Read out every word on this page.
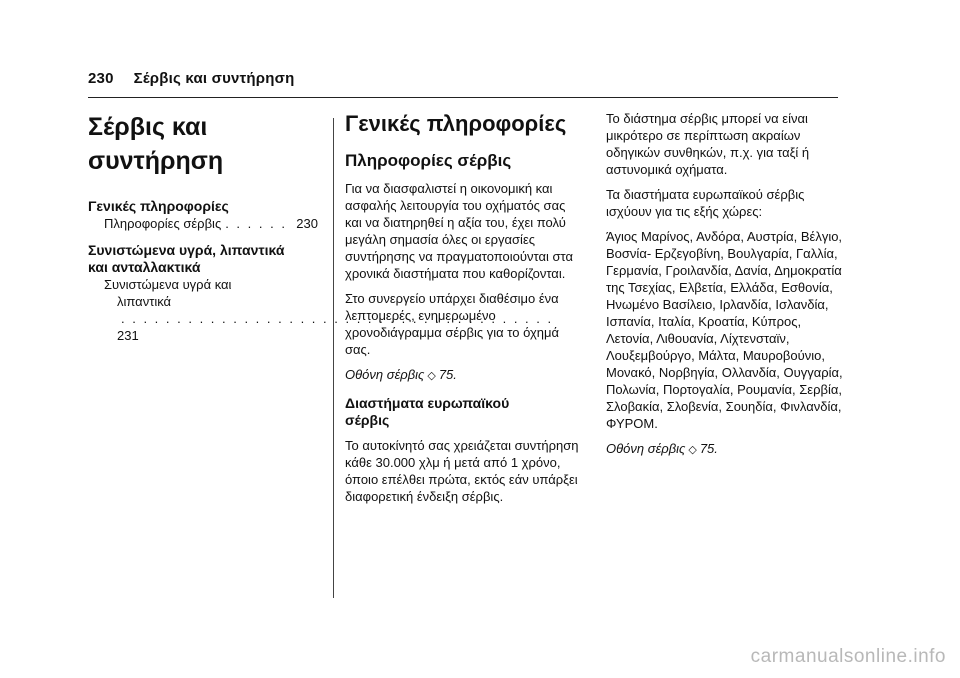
230 Σέρβις και συντήρηση
Σέρβις και
συντήρηση
Γενικές πληροφορίες
Πληροφορίες σέρβις
. . .	230
Συνιστώμενα υγρά, λιπαντικά
και ανταλλακτικά
Συνιστώμενα υγρά και
λιπαντικά . . . 231
Γενικές πληροφορίες
Πληροφορίες σέρβις

Για να διασφαλιστεί η οικονομική και ασφαλής λειτουργία του οχήματός σας και να διατηρηθεί η αξία του, έχει πολύ μεγάλη σημασία όλες οι εργασίες συντήρησης να πραγματοποιούνται στα χρονικά διαστήματα που καθορίζονται.

Στο συνεργείο υπάρχει διαθέσιμο ένα λεπτομερές, ενημερωμένο χρονοδιάγραμμα σέρβις για το όχημά σας.

Οθόνη σέρβις ◇ 75.

Διαστήματα ευρωπαϊκού
σέρβις

Το αυτοκίνητό σας χρειάζεται συντήρηση κάθε 30.000 χλμ ή μετά από 1 χρόνο, όποιο επέλθει πρώτα, εκτός εάν υπάρξει διαφορετική ένδειξη σέρβις.

Το διάστημα σέρβις μπορεί να είναι μικρότερο σε περίπτωση ακραίων οδηγικών συνθηκών, π.χ. για ταξί ή αστυνομικά οχήματα.

Τα διαστήματα ευρωπαϊκού σέρβις ισχύουν για τις εξής χώρες:

Άγιος Μαρίνος, Ανδόρα, Αυστρία, Βέλγιο, Βοσνία- Ερζεγοβίνη, Βουλγαρία, Γαλλία, Γερμανία, Γροιλανδία, Δανία, Δημοκρατία της Τσεχίας, Ελβετία, Ελλάδα, Εσθονία, Ηνωμένο Βασίλειο, Ιρλανδία, Ισλανδία, Ισπανία, Ιταλία, Κροατία, Κύπρος, Λετονία, Λιθουανία, Λίχτενσταϊν, Λουξεμβούργο, Μάλτα, Μαυροβούνιο, Μονακό, Νορβηγία, Ολλανδία, Ουγγαρία, Πολωνία, Πορτογαλία, Ρουμανία, Σερβία, Σλοβακία, Σλοβενία, Σουηδία, Φινλανδία, ΦΥΡΟΜ.

Οθόνη σέρβις ◇ 75.

carmanualsonline.info
